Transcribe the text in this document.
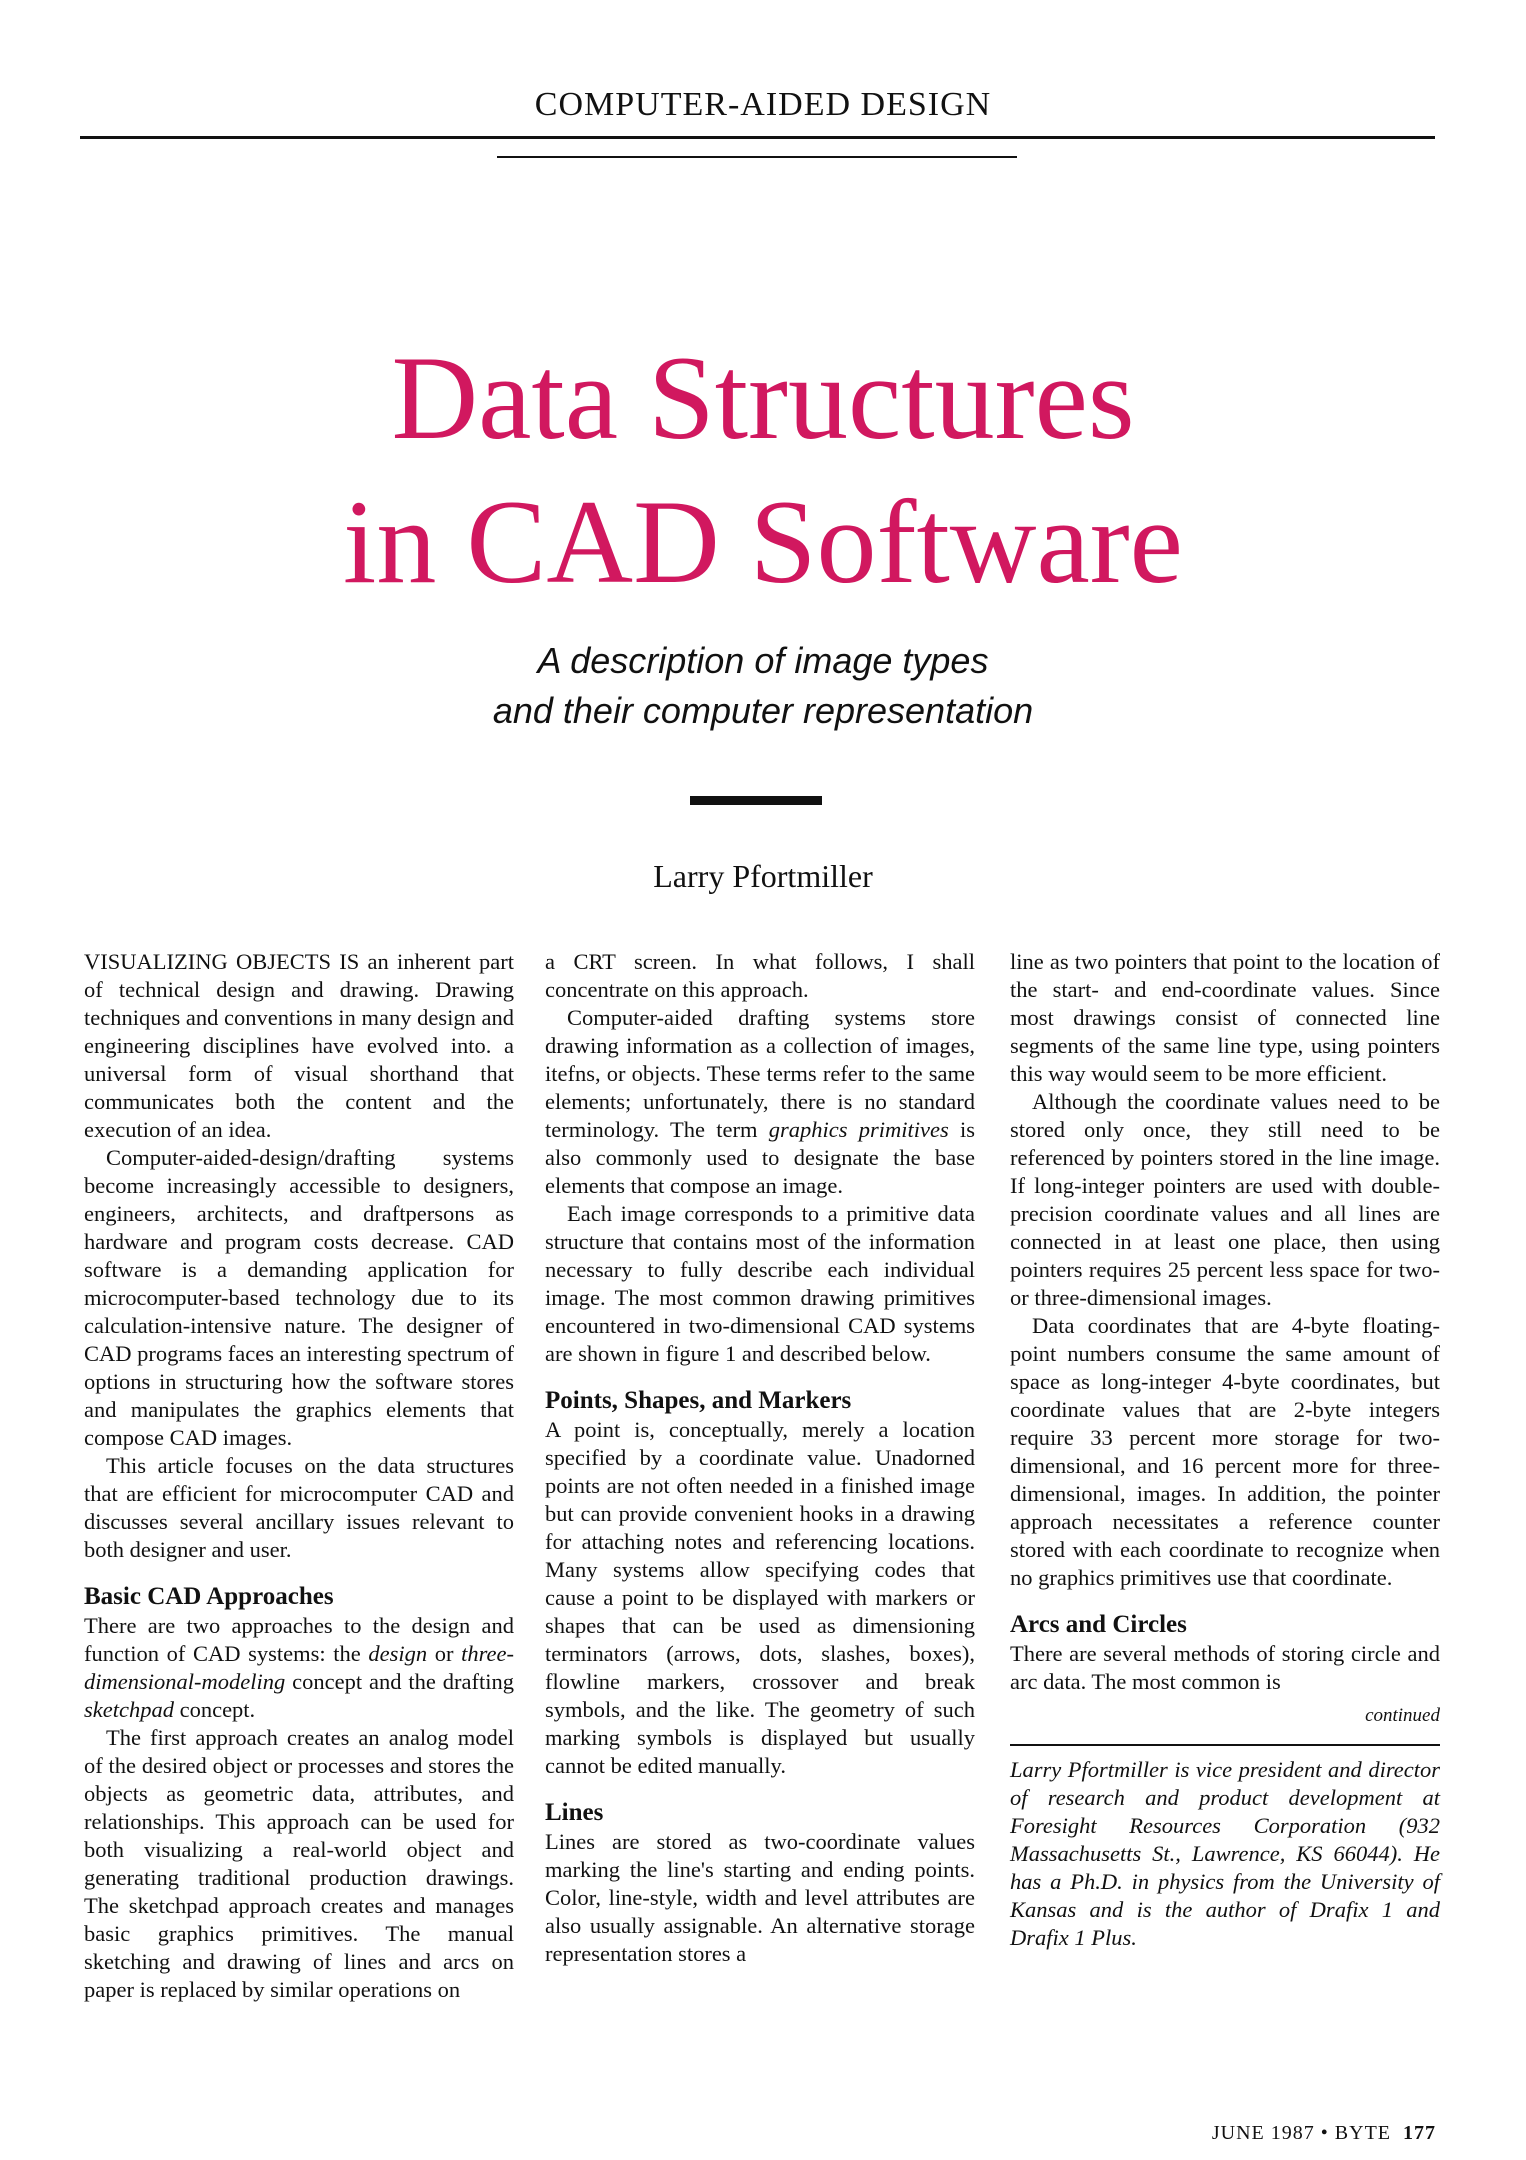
COMPUTER-AIDED DESIGN
Data Structures
in CAD Software
A description of image types
and their computer representation
Larry Pfortmiller

VISUALIZING OBJECTS IS an inherent part of technical design and drawing. Drawing techniques and conventions in many design and engineering disciplines have evolved into. a universal form of visual shorthand that communicates both the content and the execution of an idea.

Computer-aided-design/drafting systems become increasingly accessible to designers, engineers, architects, and draftpersons as hardware and program costs decrease. CAD software is a demanding application for microcomputer-based technology due to its calculation-intensive nature. The designer of CAD programs faces an interesting spectrum of options in structuring how the software stores and manipulates the graphics elements that compose CAD images.

This article focuses on the data structures that are efficient for microcomputer CAD and discusses several ancillary issues relevant to both designer and user.

Basic CAD Approaches

There are two approaches to the design and function of CAD systems: the design or three-dimensional-modeling concept and the drafting sketchpad concept.

The first approach creates an analog model of the desired object or processes and stores the objects as geometric data, attributes, and relationships. This approach can be used for both visualizing a real-world object and generating traditional production drawings. The sketchpad approach creates and manages basic graphics primitives. The manual sketching and drawing of lines and arcs on paper is replaced by similar operations on

a CRT screen. In what follows, I shall concentrate on this approach.

Computer-aided drafting systems store drawing information as a collection of images, itefns, or objects. These terms refer to the same elements; unfortunately, there is no standard terminology. The term graphics primitives is also commonly used to designate the base elements that compose an image.

Each image corresponds to a primitive data structure that contains most of the information necessary to fully describe each individual image. The most common drawing primitives encountered in two-dimensional CAD systems are shown in figure 1 and described below.

Points, Shapes, and Markers

A point is, conceptually, merely a location specified by a coordinate value. Unadorned points are not often needed in a finished image but can provide convenient hooks in a drawing for attaching notes and referencing locations. Many systems allow specifying codes that cause a point to be displayed with markers or shapes that can be used as dimensioning terminators (arrows, dots, slashes, boxes), flowline markers, crossover and break symbols, and the like. The geometry of such marking symbols is displayed but usually cannot be edited manually.

Lines

Lines are stored as two-coordinate values marking the line's starting and ending points. Color, line-style, width and level attributes are also usually assignable. An alternative storage representation stores a

line as two pointers that point to the location of the start- and end-coordinate values. Since most drawings consist of connected line segments of the same line type, using pointers this way would seem to be more efficient.

Although the coordinate values need to be stored only once, they still need to be referenced by pointers stored in the line image. If long-integer pointers are used with double-precision coordinate values and all lines are connected in at least one place, then using pointers requires 25 percent less space for two- or three-dimensional images.

Data coordinates that are 4-byte floating-point numbers consume the same amount of space as long-integer 4-byte coordinates, but coordinate values that are 2-byte integers require 33 percent more storage for two-dimensional, and 16 percent more for three-dimensional, images. In addition, the pointer approach necessitates a reference counter stored with each coordinate to recognize when no graphics primitives use that coordinate.

Arcs and Circles

There are several methods of storing circle and arc data. The most common is

continued
Larry Pfortmiller is vice president and director of research and product development at Foresight Resources Corporation (932 Massachusetts St., Lawrence, KS 66044). He has a Ph.D. in physics from the University of Kansas and is the author of Drafix 1 and Drafix 1 Plus.
JUNE 1987 • BYTE 177
